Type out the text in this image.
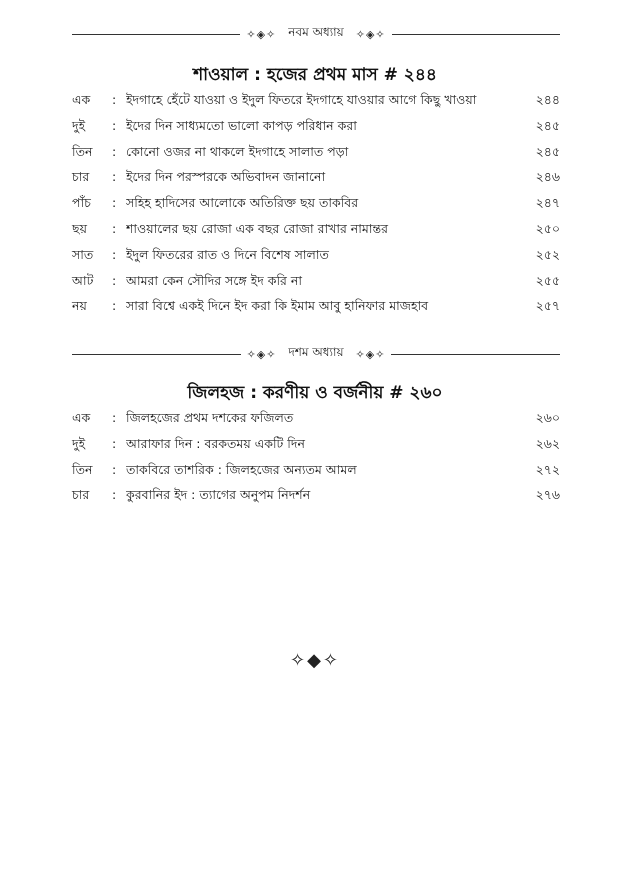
✧◈✧	নবম অধ্যায়	✧◈✧
শাওয়াল : হজের প্রথম মাস # ২৪৪
এক	: ইদগাহে হেঁটে যাওয়া ও ইদুল ফিতরে ইদগাহে যাওয়ার আগে কিছু খাওয়া	২৪৪
দুই	: ইদের দিন সাধ্যমতো ভালো কাপড় পরিধান করা	২৪৫
তিন	: কোনো ওজর না থাকলে ইদগাহে সালাত পড়া	২৪৫
চার	: ইদের দিন পরস্পরকে অভিবাদন জানানো	২৪৬
পাঁচ	: সহিহ হাদিসের আলোকে অতিরিক্ত ছয় তাকবির	২৪৭
ছয়	: শাওয়ালের ছয় রোজা এক বছর রোজা রাখার নামান্তর	২৫০
সাত	: ইদুল ফিতরের রাত ও দিনে বিশেষ সালাত	২৫২
আট	: আমরা কেন সৌদির সঙ্গে ইদ করি না	২৫৫
নয়	: সারা বিশ্বে একই দিনে ইদ করা কি ইমাম আবু হানিফার মাজহাব	২৫৭
✧◈✧	দশম অধ্যায়	✧◈✧
জিলহজ : করণীয় ও বর্জনীয় # ২৬০
এক	: জিলহজের প্রথম দশকের ফজিলত	২৬০
দুই	: আরাফার দিন : বরকতময় একটি দিন	২৬২
তিন	: তাকবিরে তাশরিক : জিলহজের অন্যতম আমল	২৭২
চার	: কুরবানির ইদ : ত্যাগের অনুপম নিদর্শন	২৭৬
✧◆✧
